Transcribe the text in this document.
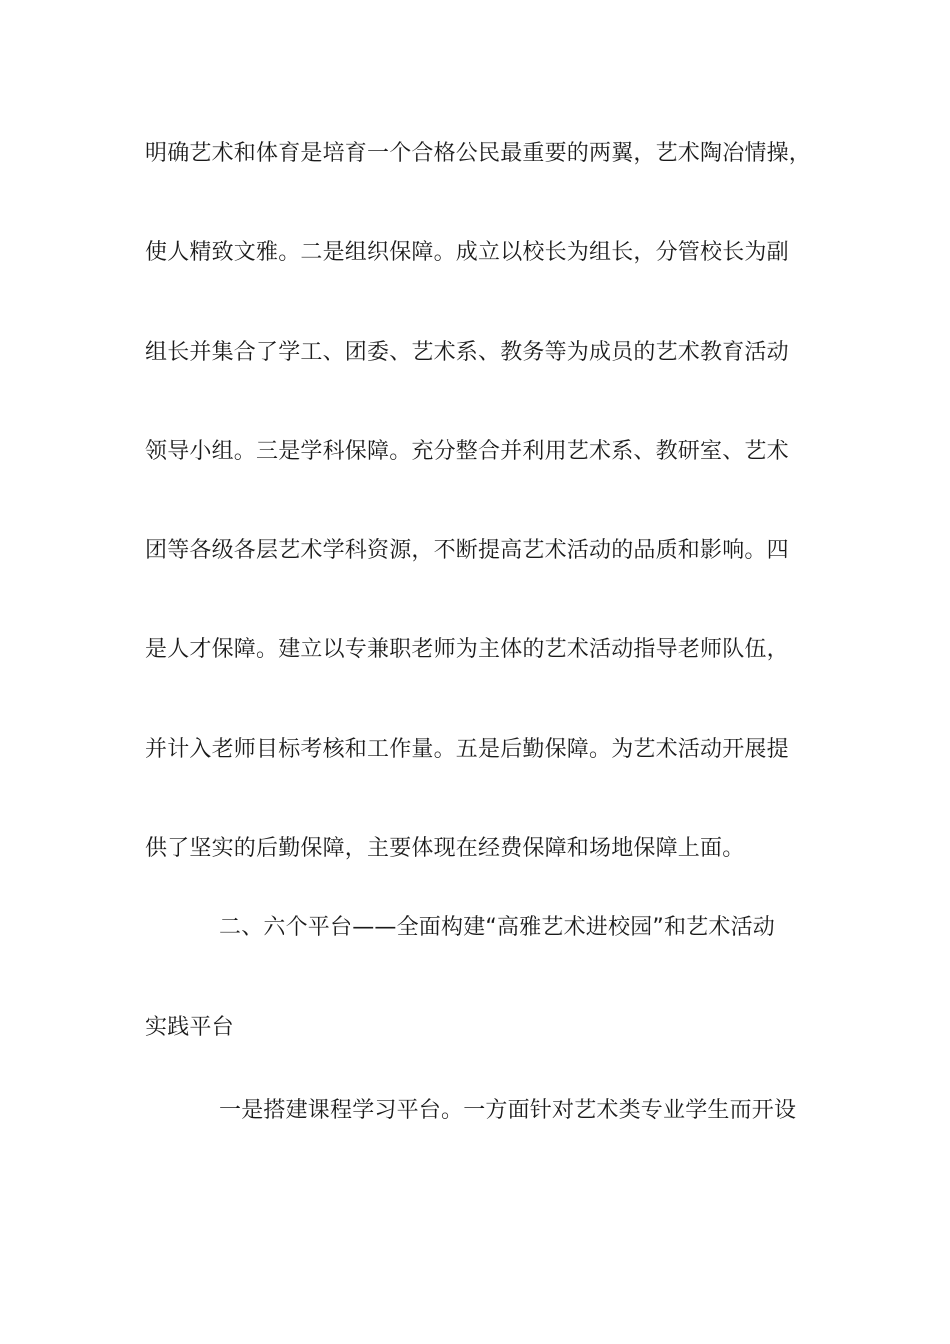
明确艺术和体育是培育一个合格公民最重要的两翼，艺术陶冶情操，
使人精致文雅。二是组织保障。成立以校长为组长，分管校长为副
组长并集合了学工、团委、艺术系、教务等为成员的艺术教育活动
领导小组。三是学科保障。充分整合并利用艺术系、教研室、艺术
团等各级各层艺术学科资源，不断提高艺术活动的品质和影响。四
是人才保障。建立以专兼职老师为主体的艺术活动指导老师队伍，
并计入老师目标考核和工作量。五是后勤保障。为艺术活动开展提
供了坚实的后勤保障，主要体现在经费保障和场地保障上面。
二、六个平台——全面构建“高雅艺术进校园”和艺术活动
实践平台
一是搭建课程学习平台。一方面针对艺术类专业学生而开设
